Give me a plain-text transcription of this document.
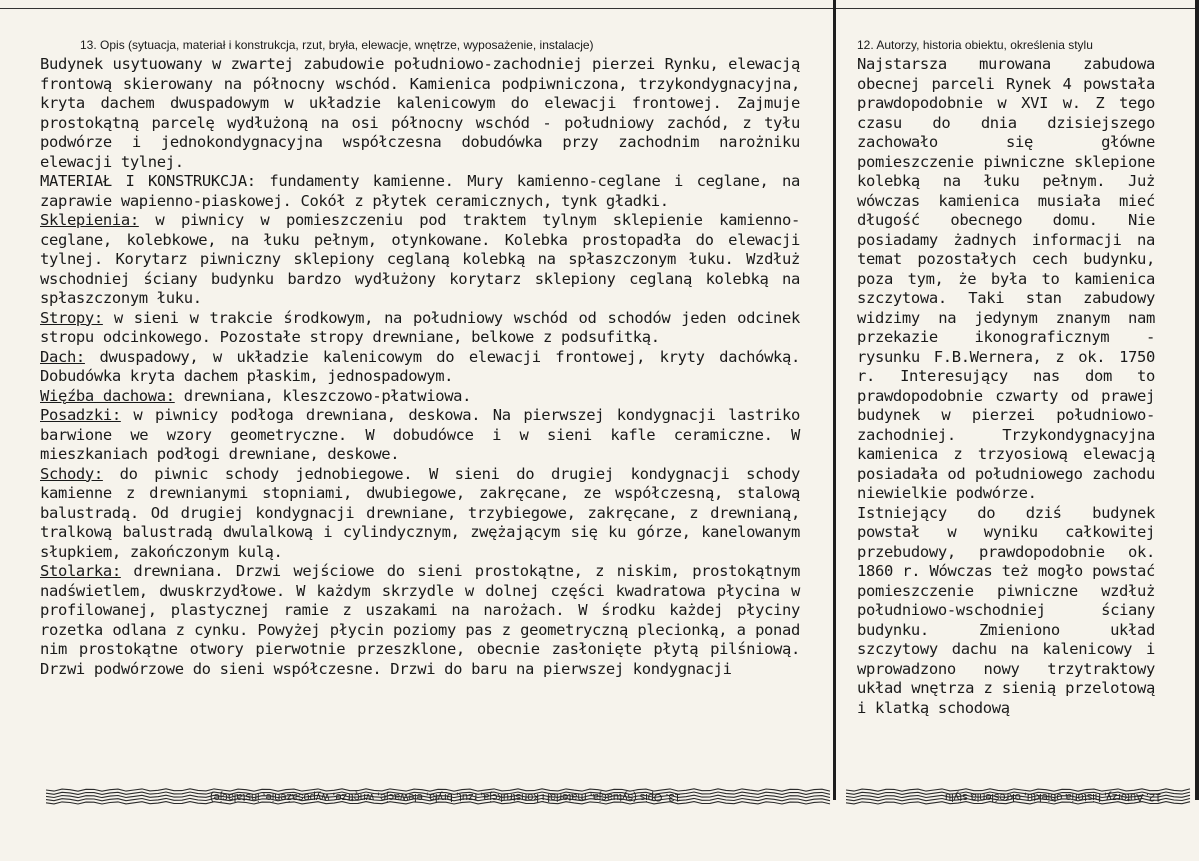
13. Opis (sytuacja, materiał i konstrukcja, rzut, bryła, elewacje, wnętrze, wyposażenie, instalacje)
Budynek usytuowany w zwartej zabudowie południowo-zachodniej pierzei Rynku, elewacją frontową skierowany na północny wschód. Kamienica podpiwniczona, trzykondygnacyjna, kryta dachem dwuspadowym w układzie kalenicowym do elewacji frontowej. Zajmuje prostokątną parcelę wydłużoną na osi północny wschód - południowy zachód, z tyłu podwórze i jednokondygnacyjna współczesna dobudówka przy zachodnim narożniku elewacji tylnej.
MATERIAŁ I KONSTRUKCJA: fundamenty kamienne. Mury kamienno-ceglane i ceglane, na zaprawie wapienno-piaskowej. Cokół z płytek ceramicznych, tynk gładki.
Sklepienia: w piwnicy w pomieszczeniu pod traktem tylnym sklepienie kamienno-ceglane, kolebkowe, na łuku pełnym, otynkowane. Kolebka prostopadła do elewacji tylnej. Korytarz piwniczny sklepiony ceglaną kolebką na spłaszczonym łuku. Wzdłuż wschodniej ściany budynku bardzo wydłużony korytarz sklepiony ceglaną kolebką na spłaszczonym łuku.
Stropy: w sieni w trakcie środkowym, na południowy wschód od schodów jeden odcinek stropu odcinkowego. Pozostałe stropy drewniane, belkowe z podsufitką.
Dach: dwuspadowy, w układzie kalenicowym do elewacji frontowej, kryty dachówką. Dobudówka kryta dachem płaskim, jednospadowym.
Więźba dachowa: drewniana, kleszczowo-płatwiowa.
Posadzki: w piwnicy podłoga drewniana, deskowa. Na pierwszej kondygnacji lastriko barwione we wzory geometryczne. W dobudówce i w sieni kafle ceramiczne. W mieszkaniach podłogi drewniane, deskowe.
Schody: do piwnic schody jednobiegowe. W sieni do drugiej kondygnacji schody kamienne z drewnianymi stopniami, dwubiegowe, zakręcane, ze współczesną, stalową balustradą. Od drugiej kondygnacji drewniane, trzybiegowe, zakręcane, z drewnianą, tralkową balustradą dwulalkową i cylindycznym, zwężającym się ku górze, kanelowanym słupkiem, zakończonym kulą.
Stolarka: drewniana. Drzwi wejściowe do sieni prostokątne, z niskim, prostokątnym nadświetlem, dwuskrzydłowe. W każdym skrzydle w dolnej części kwadratowa płycina w profilowanej, plastycznej ramie z uszakami na narożach. W środku każdej płyciny rozetka odlana z cynku. Powyżej płycin poziomy pas z geometryczną plecionką, a ponad nim prostokątne otwory pierwotnie przeszklone, obecnie zasłonięte płytą pilśniową. Drzwi podwórzowe do sieni współczesne. Drzwi do baru na pierwszej kondygnacji
12. Autorzy, historia obiektu, określenia stylu
Najstarsza murowana zabudowa obecnej parceli Rynek 4 powstała prawdopodobnie w XVI w. Z tego czasu do dnia dzisiejszego zachowało się główne pomieszczenie piwniczne sklepione kolebką na łuku pełnym. Już wówczas kamienica musiała mieć długość obecnego domu. Nie posiadamy żadnych informacji na temat pozostałych cech budynku, poza tym, że była to kamienica szczytowa. Taki stan zabudowy widzimy na jedynym znanym nam przekazie ikonograficznym - rysunku F.B.Wernera, z ok. 1750 r. Interesujący nas dom to prawdopodobnie czwarty od prawej budynek w pierzei południowo-zachodniej. Trzykondygnacyjna kamienica z trzyosiową elewacją posiadała od południowego zachodu niewielkie podwórze.
Istniejący do dziś budynek powstał w wyniku całkowitej przebudowy, prawdopodobnie ok. 1860 r. Wówczas też mogło powstać pomieszczenie piwniczne wzdłuż południowo-wschodniej ściany budynku. Zmieniono układ szczytowy dachu na kalenicowy i wprowadzono nowy trzytraktowy układ wnętrza z sienią przelotową i klatką schodową
13. Opis (sytuacja, materiał i konstrukcja, rzut, bryła, elewacje, wnętrze, wyposażenie, instalacje)	12. Autorzy, historia obiektu, określenia stylu
